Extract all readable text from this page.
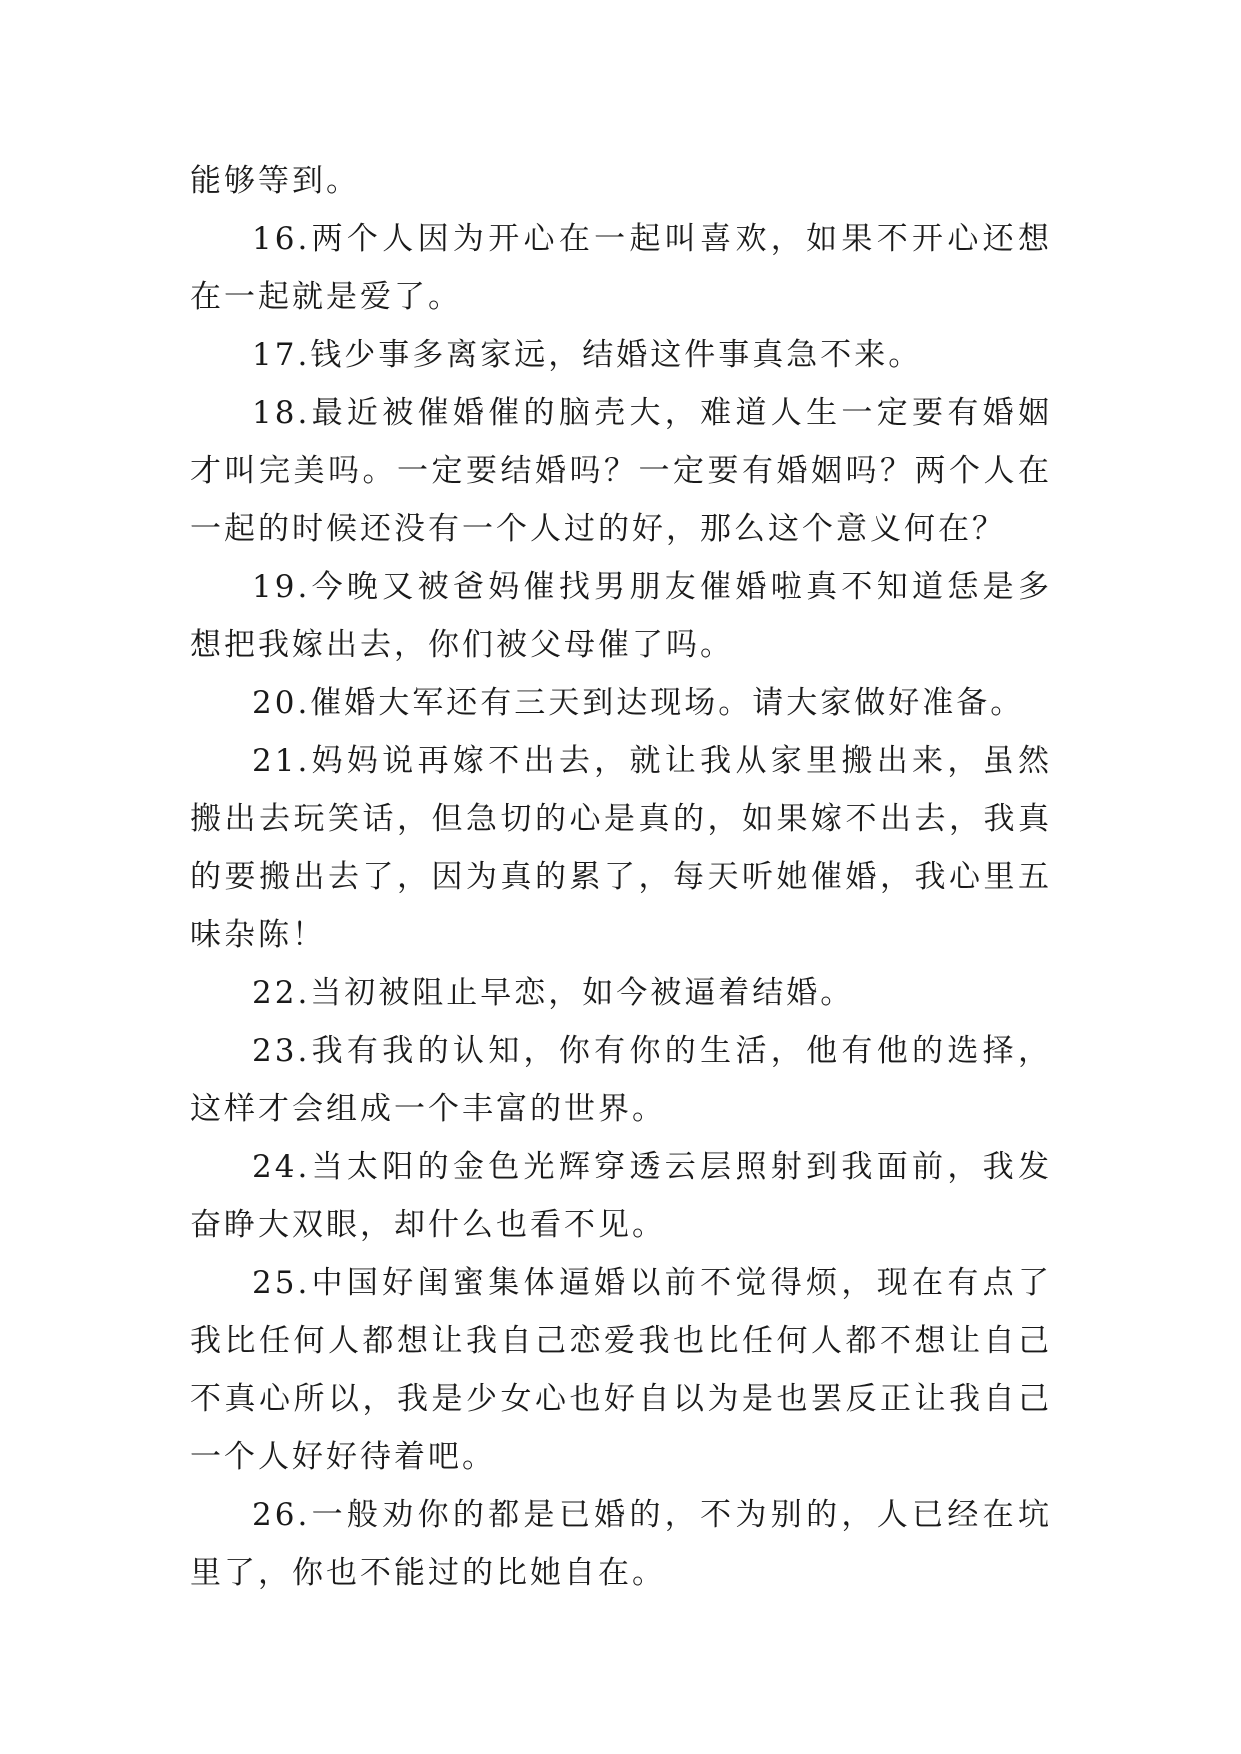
能够等到。

16.两个人因为开心在一起叫喜欢，如果不开心还想在一起就是爱了。

17.钱少事多离家远，结婚这件事真急不来。

18.最近被催婚催的脑壳大，难道人生一定要有婚姻才叫完美吗。一定要结婚吗？一定要有婚姻吗？两个人在一起的时候还没有一个人过的好，那么这个意义何在？

19.今晚又被爸妈催找男朋友催婚啦真不知道恁是多想把我嫁出去，你们被父母催了吗。

20.催婚大军还有三天到达现场。请大家做好准备。

21.妈妈说再嫁不出去，就让我从家里搬出来，虽然搬出去玩笑话，但急切的心是真的，如果嫁不出去，我真的要搬出去了，因为真的累了，每天听她催婚，我心里五味杂陈！

22.当初被阻止早恋，如今被逼着结婚。

23.我有我的认知，你有你的生活，他有他的选择，这样才会组成一个丰富的世界。

24.当太阳的金色光辉穿透云层照射到我面前，我发奋睁大双眼，却什么也看不见。

25.中国好闺蜜集体逼婚以前不觉得烦，现在有点了我比任何人都想让我自己恋爱我也比任何人都不想让自己不真心所以，我是少女心也好自以为是也罢反正让我自己一个人好好待着吧。

26.一般劝你的都是已婚的，不为别的，人已经在坑里了，你也不能过的比她自在。
